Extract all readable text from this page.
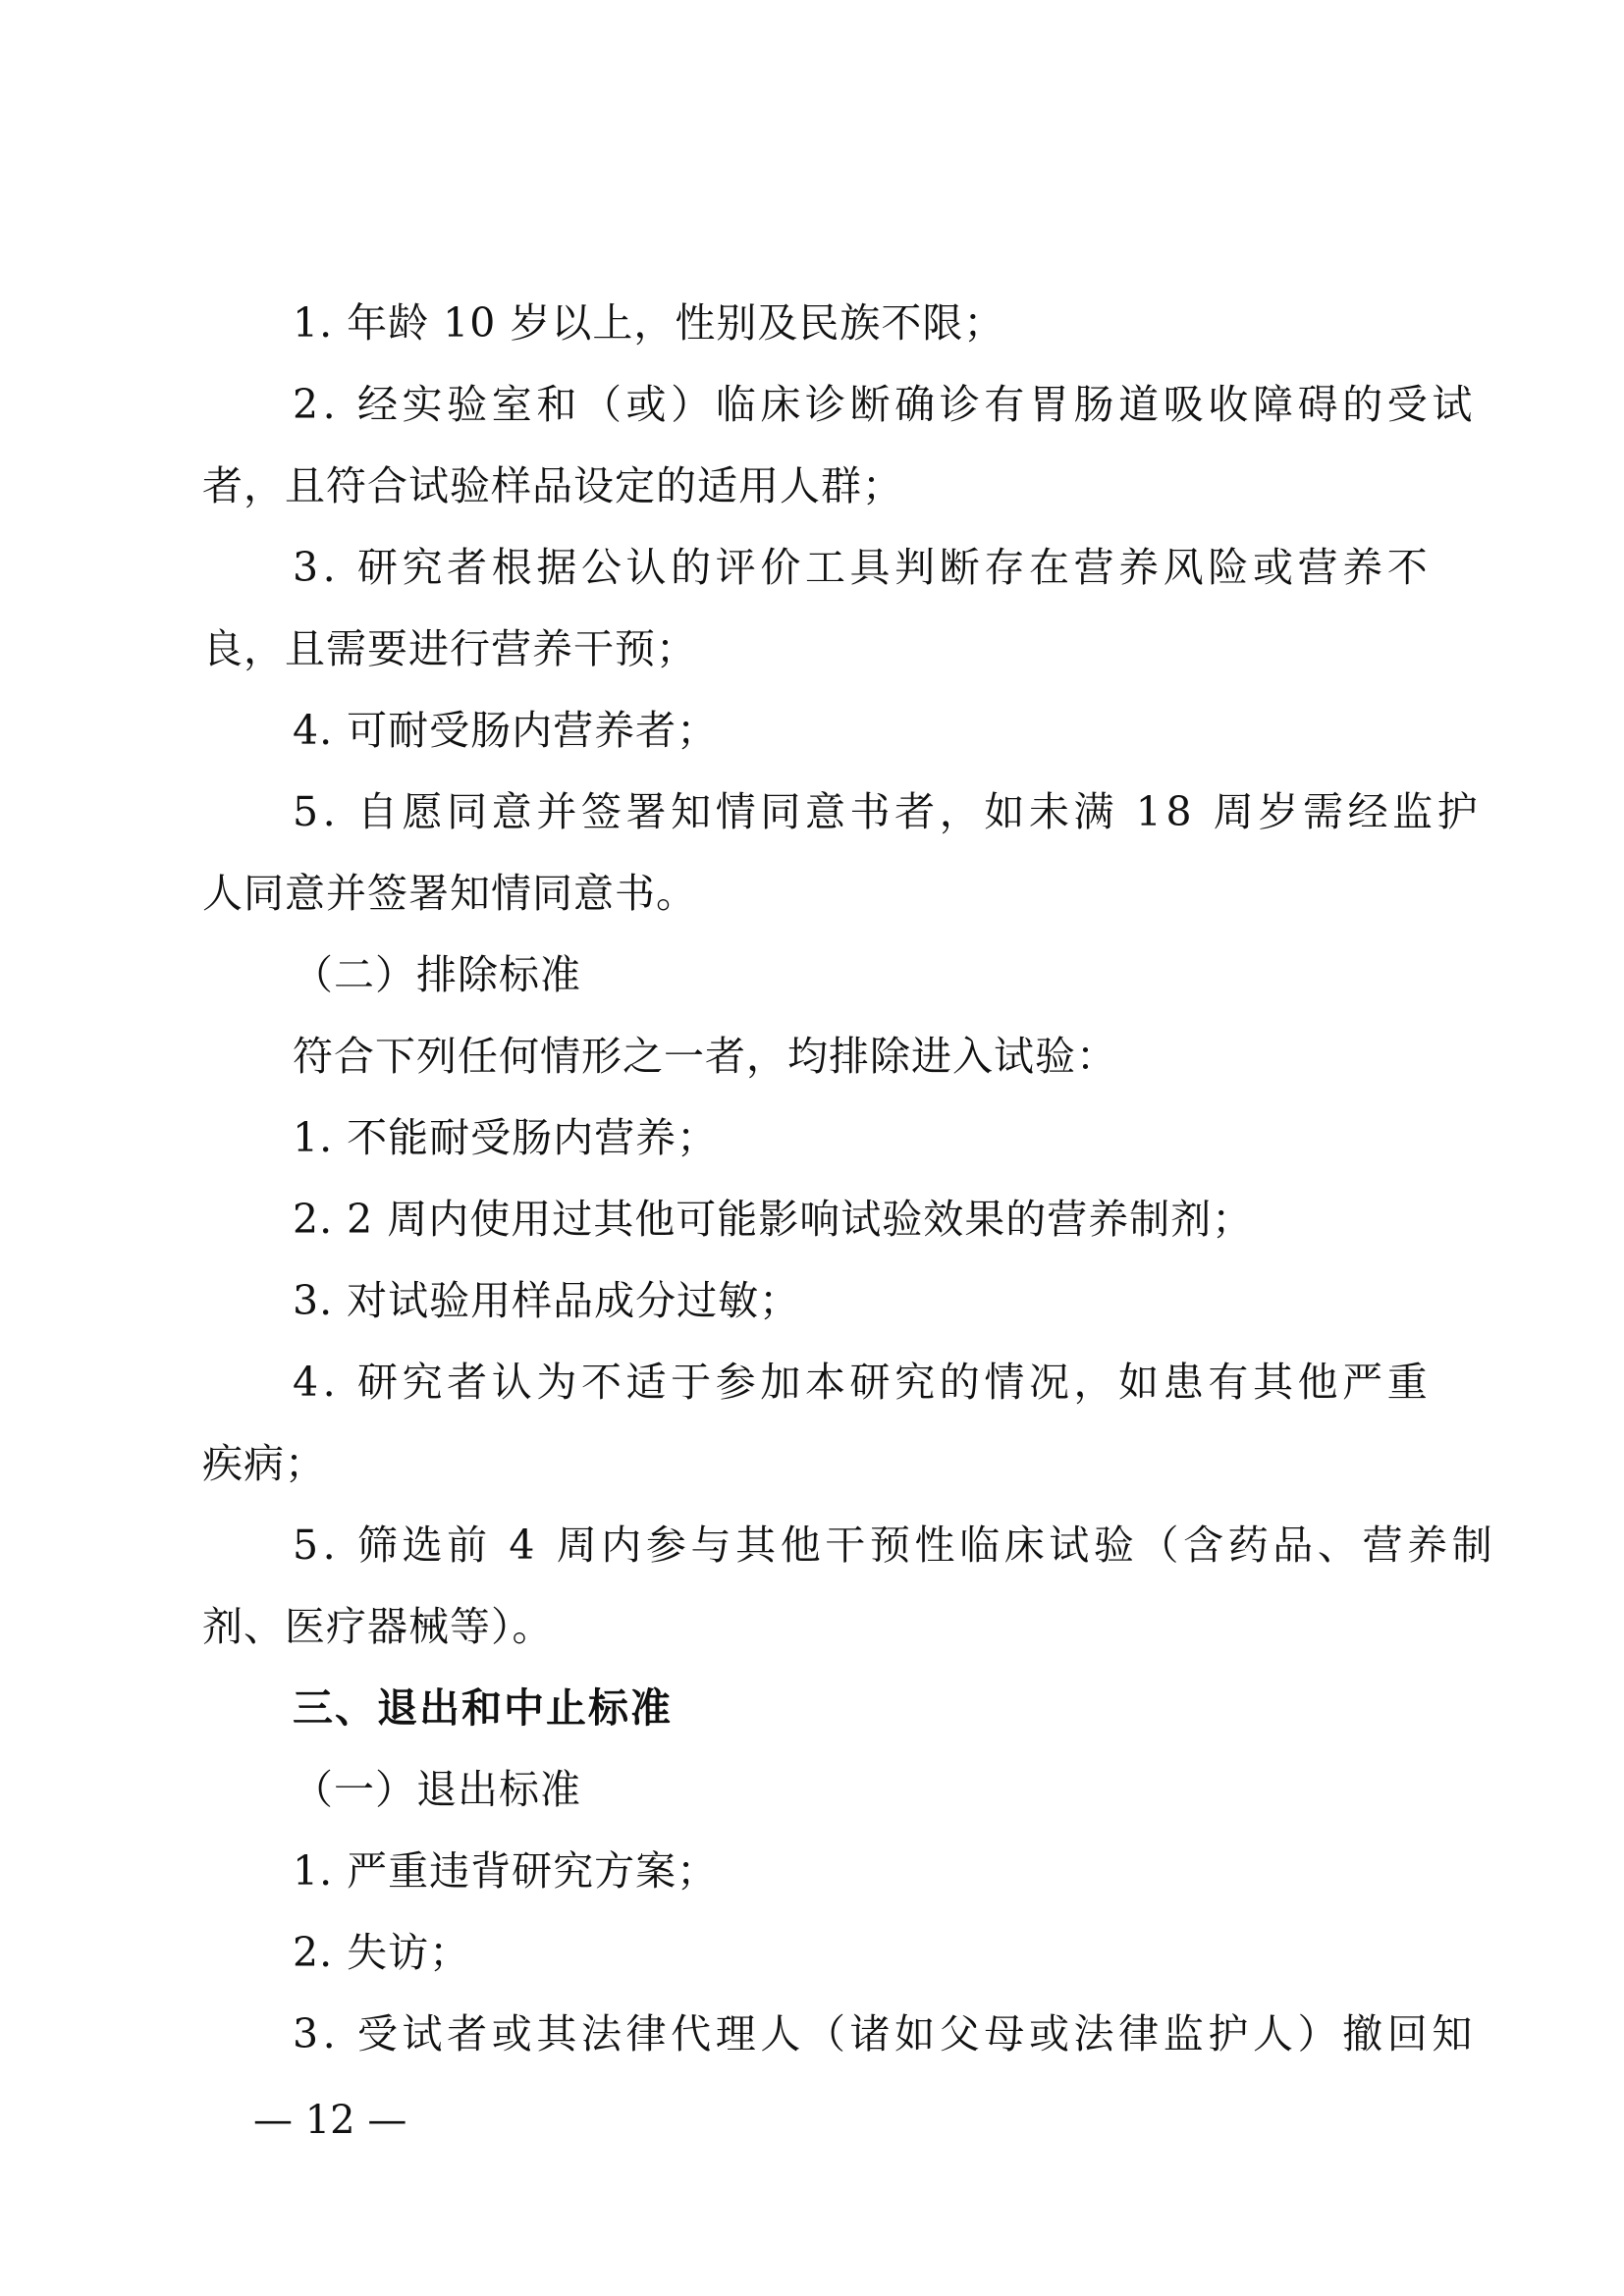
1. 年龄 10 岁以上，性别及民族不限；
2. 经实验室和（或）临床诊断确诊有胃肠道吸收障碍的受试
者，且符合试验样品设定的适用人群；
3. 研究者根据公认的评价工具判断存在营养风险或营养不
良，且需要进行营养干预；
4. 可耐受肠内营养者；
5. 自愿同意并签署知情同意书者，如未满 18 周岁需经监护
人同意并签署知情同意书。
（二）排除标准
符合下列任何情形之一者，均排除进入试验：
1. 不能耐受肠内营养；
2. 2 周内使用过其他可能影响试验效果的营养制剂；
3. 对试验用样品成分过敏；
4. 研究者认为不适于参加本研究的情况，如患有其他严重
疾病；
5. 筛选前 4 周内参与其他干预性临床试验（含药品、营养制
剂、医疗器械等）。
三、退出和中止标准
（一）退出标准
1. 严重违背研究方案；
2. 失访；
3. 受试者或其法律代理人（诸如父母或法律监护人）撤回知
— 12 —
